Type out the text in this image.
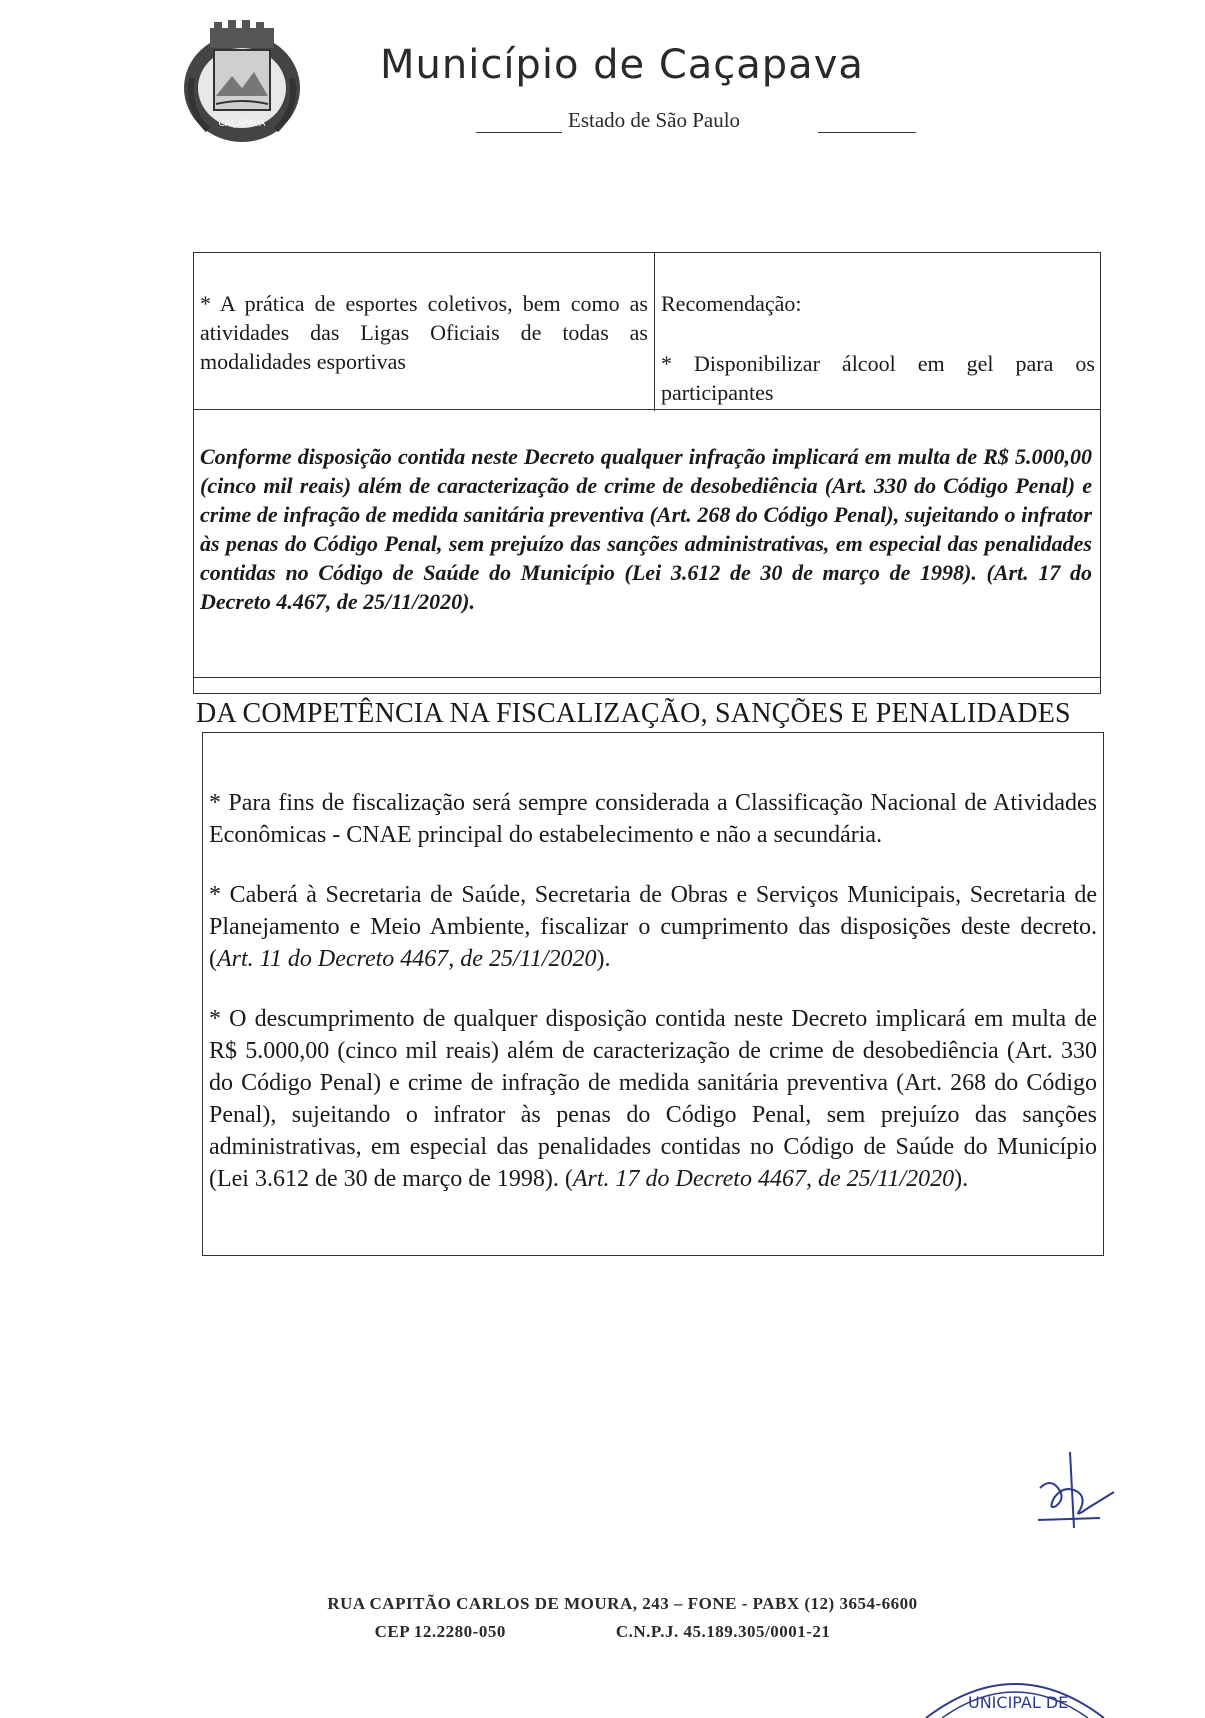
CAÇAPAVA
Município de Caçapava
Estado de São Paulo
* A prática de esportes coletivos, bem como as atividades das Ligas Oficiais de todas as modalidades esportivas
Recomendação:
* Disponibilizar álcool em gel para os participantes
Conforme disposição contida neste Decreto qualquer infração implicará em multa de R$ 5.000,00 (cinco mil reais) além de caracterização de crime de desobediência (Art. 330 do Código Penal) e crime de infração de medida sanitária preventiva (Art. 268 do Código Penal), sujeitando o infrator às penas do Código Penal, sem prejuízo das sanções administrativas, em especial das penalidades contidas no Código de Saúde do Município (Lei 3.612 de 30 de março de 1998). (Art. 17 do Decreto 4.467, de 25/11/2020).
DA COMPETÊNCIA NA FISCALIZAÇÃO, SANÇÕES E PENALIDADES
* Para fins de fiscalização será sempre considerada a Classificação Nacional de Atividades Econômicas - CNAE principal do estabelecimento e não a secundária.
* Caberá à Secretaria de Saúde, Secretaria de Obras e Serviços Municipais, Secretaria de Planejamento e Meio Ambiente, fiscalizar o cumprimento das disposições deste decreto. (Art. 11 do Decreto 4467, de 25/11/2020).
* O descumprimento de qualquer disposição contida neste Decreto implicará em multa de R$ 5.000,00 (cinco mil reais) além de caracterização de crime de desobediência (Art. 330 do Código Penal) e crime de infração de medida sanitária preventiva (Art. 268 do Código Penal), sujeitando o infrator às penas do Código Penal, sem prejuízo das sanções administrativas, em especial das penalidades contidas no Código de Saúde do Município (Lei 3.612 de 30 de março de 1998). (Art. 17 do Decreto 4467, de 25/11/2020).
RUA CAPITÃO CARLOS DE MOURA, 243 – FONE - PABX (12) 3654-6600
CEP 12.2280-050	C.N.P.J. 45.189.305/0001-21
UNICIPAL DE
